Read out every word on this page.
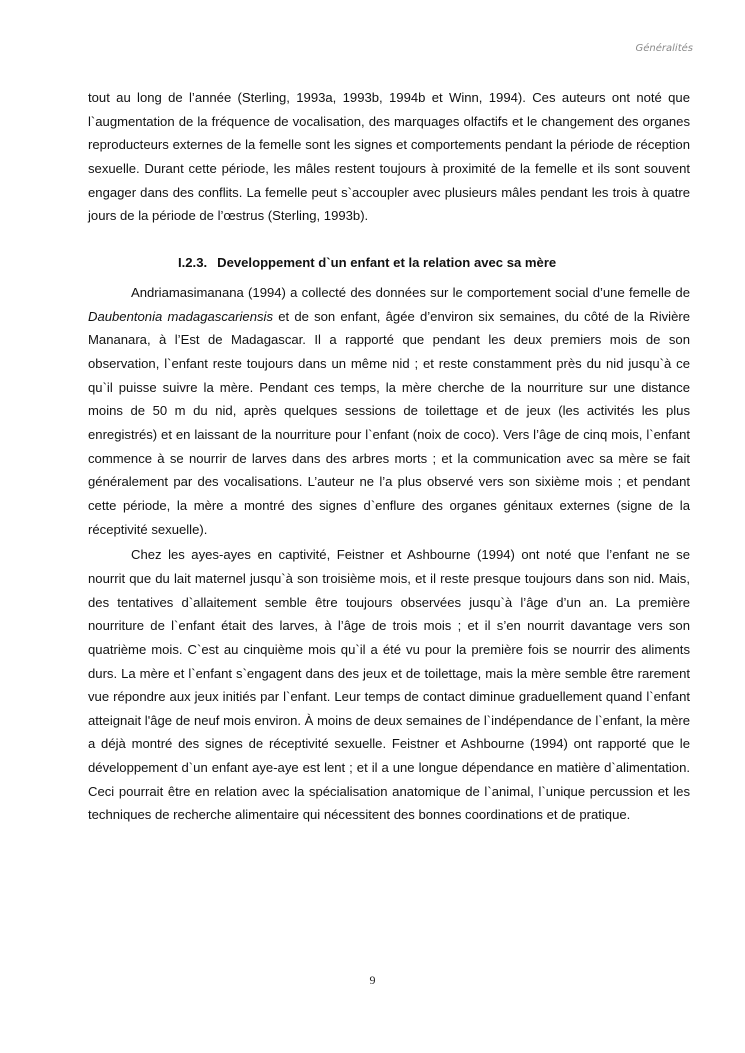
Généralités

tout au long de l’année (Sterling, 1993a, 1993b, 1994b et Winn, 1994). Ces auteurs ont noté que l`augmentation de la fréquence de vocalisation, des marquages olfactifs et le changement des organes reproducteurs externes de la femelle sont les signes et comportements pendant la période de réception sexuelle. Durant cette période, les mâles restent toujours à proximité de la femelle et ils sont souvent engager dans des conflits. La femelle peut s`accoupler avec plusieurs mâles pendant les trois à quatre jours de la période de l’œstrus (Sterling, 1993b).

I.2.3. Developpement d`un enfant et la relation avec sa mère

Andriamasimanana (1994) a collecté des données sur le comportement social d’une femelle de Daubentonia madagascariensis et de son enfant, âgée d’environ six semaines, du côté de la Rivière Mananara, à l’Est de Madagascar. Il a rapporté que pendant les deux premiers mois de son observation, l`enfant reste toujours dans un même nid ; et reste constamment près du nid jusqu`à ce qu`il puisse suivre la mère. Pendant ces temps, la mère cherche de la nourriture sur une distance moins de 50 m du nid, après quelques sessions de toilettage et de jeux (les activités les plus enregistrés) et en laissant de la nourriture pour l`enfant (noix de coco). Vers l’âge de cinq mois, l`enfant commence à se nourrir de larves dans des arbres morts ; et la communication avec sa mère se fait généralement par des vocalisations. L’auteur ne l’a plus observé vers son sixième mois ; et pendant cette période, la mère a montré des signes d`enflure des organes génitaux externes (signe de la réceptivité sexuelle).

Chez les ayes-ayes en captivité, Feistner et Ashbourne (1994) ont noté que l’enfant ne se nourrit que du lait maternel jusqu`à son troisième mois, et il reste presque toujours dans son nid. Mais, des tentatives d`allaitement semble être toujours observées jusqu`à l’âge d’un an. La première nourriture de l`enfant était des larves, à l’âge de trois mois ; et il s’en nourrit davantage vers son quatrième mois. C`est au cinquième mois qu`il a été vu pour la première fois se nourrir des aliments durs. La mère et l`enfant s`engagent dans des jeux et de toilettage, mais la mère semble être rarement vue répondre aux jeux initiés par l`enfant. Leur temps de contact diminue graduellement quand l`enfant atteignait l'âge de neuf mois environ. À moins de deux semaines de l`indépendance de l`enfant, la mère a déjà montré des signes de réceptivité sexuelle. Feistner et Ashbourne (1994) ont rapporté que le développement d`un enfant aye-aye est lent ; et il a une longue dépendance en matière d`alimentation. Ceci pourrait être en relation avec la spécialisation anatomique de l`animal, l`unique percussion et les techniques de recherche alimentaire qui nécessitent des bonnes coordinations et de pratique.

9
